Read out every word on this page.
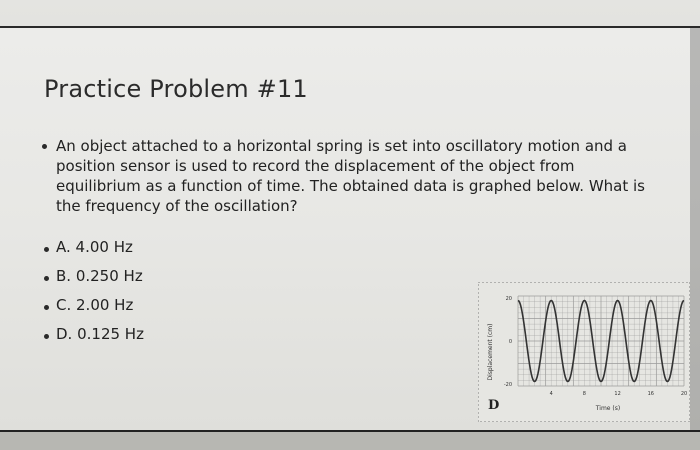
Practice Problem #11
An object attached to a horizontal spring is set into oscillatory motion and a position sensor is used to record the displacement of the object from equilibrium as a function of time. The obtained data is graphed below. What is the frequency of the oscillation?
A. 4.00 Hz
B. 0.250 Hz
C. 2.00 Hz
D. 0.125 Hz	Displacement (cm)
Time (s)
20
0
-20
4	8	12	16	20
D
